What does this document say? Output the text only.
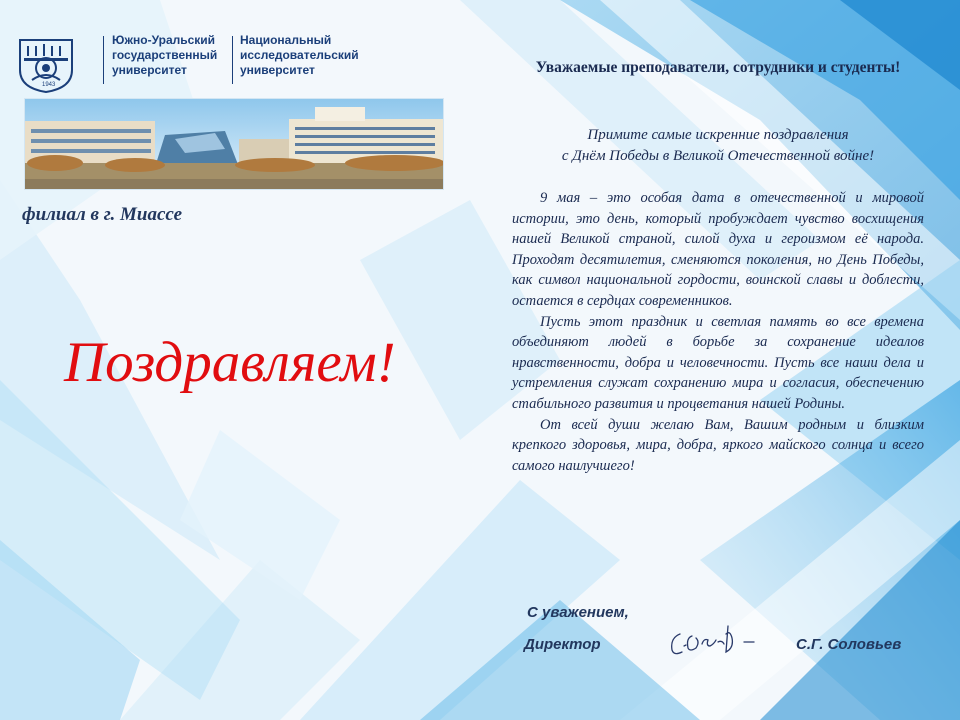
1943
Южно-Уральский
государственный
университет
Национальный
исследовательский
университет
филиал в г. Миассе
Поздравляем!
Уважаемые преподаватели, сотрудники и студенты!
Примите самые искренние поздравления
с Днём Победы в Великой Отечественной войне!

9 мая – это особая дата в отечественной и мировой истории, это день, который пробуждает чувство восхищения нашей Великой страной, силой духа и героизмом её народа. Проходят десятилетия, сменяются поколения, но День Победы, как символ национальной гордости, воинской славы и доблести, остается в сердцах современников.

Пусть этот праздник и светлая память во все времена объединяют людей в борьбе за сохранение идеалов нравственности, добра и человечности. Пусть все наши дела и устремления служат сохранению мира и согласия, обеспечению стабильного развития и процветания нашей Родины.

От всей души желаю Вам, Вашим родным и близким крепкого здоровья, мира, добра, яркого майского солнца и всего самого наилучшего!

С уважением,
Директор	С.Г. Соловьев
